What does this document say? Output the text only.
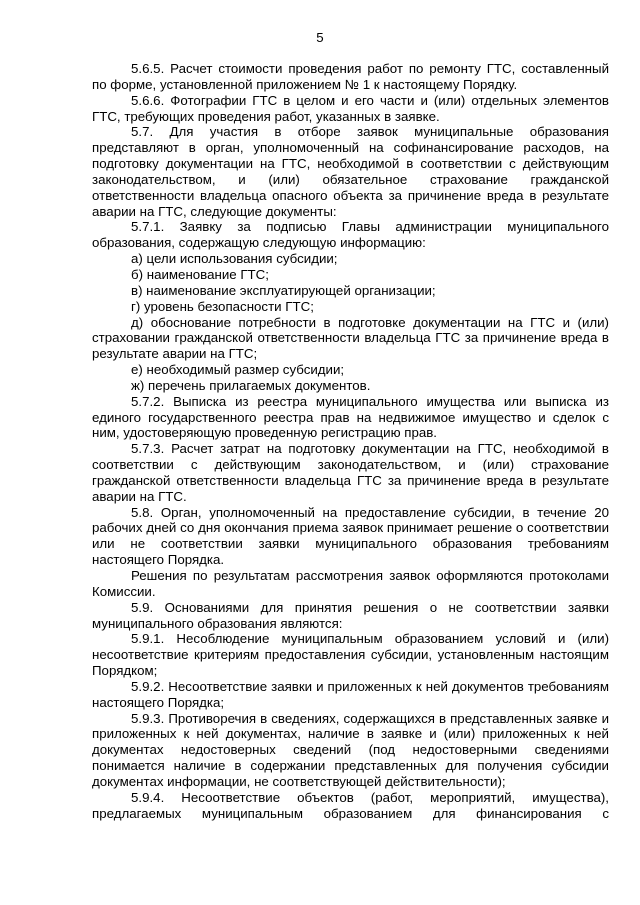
5

5.6.5. Расчет стоимости проведения работ по ремонту ГТС, составленный по форме, установленной приложением № 1 к настоящему Порядку.

5.6.6. Фотографии ГТС в целом и его части и (или) отдельных элементов ГТС, требующих проведения работ, указанных в заявке.

5.7. Для участия в отборе заявок муниципальные образования представляют в орган, уполномоченный на софинансирование расходов, на подготовку документации на ГТС, необходимой в соответствии с действующим законодательством, и (или) обязательное страхование гражданской ответственности владельца опасного объекта за причинение вреда в результате аварии на ГТС, следующие документы:

5.7.1. Заявку за подписью Главы администрации муниципального образования, содержащую следующую информацию:

а) цели использования субсидии;

б) наименование ГТС;

в) наименование эксплуатирующей организации;

г) уровень безопасности ГТС;

д) обоснование потребности в подготовке документации на ГТС и (или) страховании гражданской ответственности владельца ГТС за причинение вреда в результате аварии на ГТС;

е) необходимый размер субсидии;

ж) перечень прилагаемых документов.

5.7.2. Выписка из реестра муниципального имущества или выписка из единого государственного реестра прав на недвижимое имущество и сделок с ним, удостоверяющую проведенную регистрацию прав.

5.7.3. Расчет затрат на подготовку документации на ГТС, необходимой в соответствии с действующим законодательством, и (или) страхование гражданской ответственности владельца ГТС за причинение вреда в результате аварии на ГТС.

5.8. Орган, уполномоченный на предоставление субсидии, в течение 20 рабочих дней со дня окончания приема заявок принимает решение о соответствии или не соответствии заявки муниципального образования требованиям настоящего Порядка.

Решения по результатам рассмотрения заявок оформляются протоколами Комиссии.

5.9. Основаниями для принятия решения о не соответствии заявки муниципального образования являются:

5.9.1. Несоблюдение муниципальным образованием условий и (или) несоответствие критериям предоставления субсидии, установленным настоящим Порядком;

5.9.2. Несоответствие заявки и приложенных к ней документов требованиям настоящего Порядка;

5.9.3. Противоречия в сведениях, содержащихся в представленных заявке и приложенных к ней документах, наличие в заявке и (или) приложенных к ней документах недостоверных сведений (под недостоверными сведениями понимается наличие в содержании представленных для получения субсидии документах информации, не соответствующей действительности);

5.9.4. Несоответствие объектов (работ, мероприятий, имущества), предлагаемых муниципальным образованием для финансирования с
